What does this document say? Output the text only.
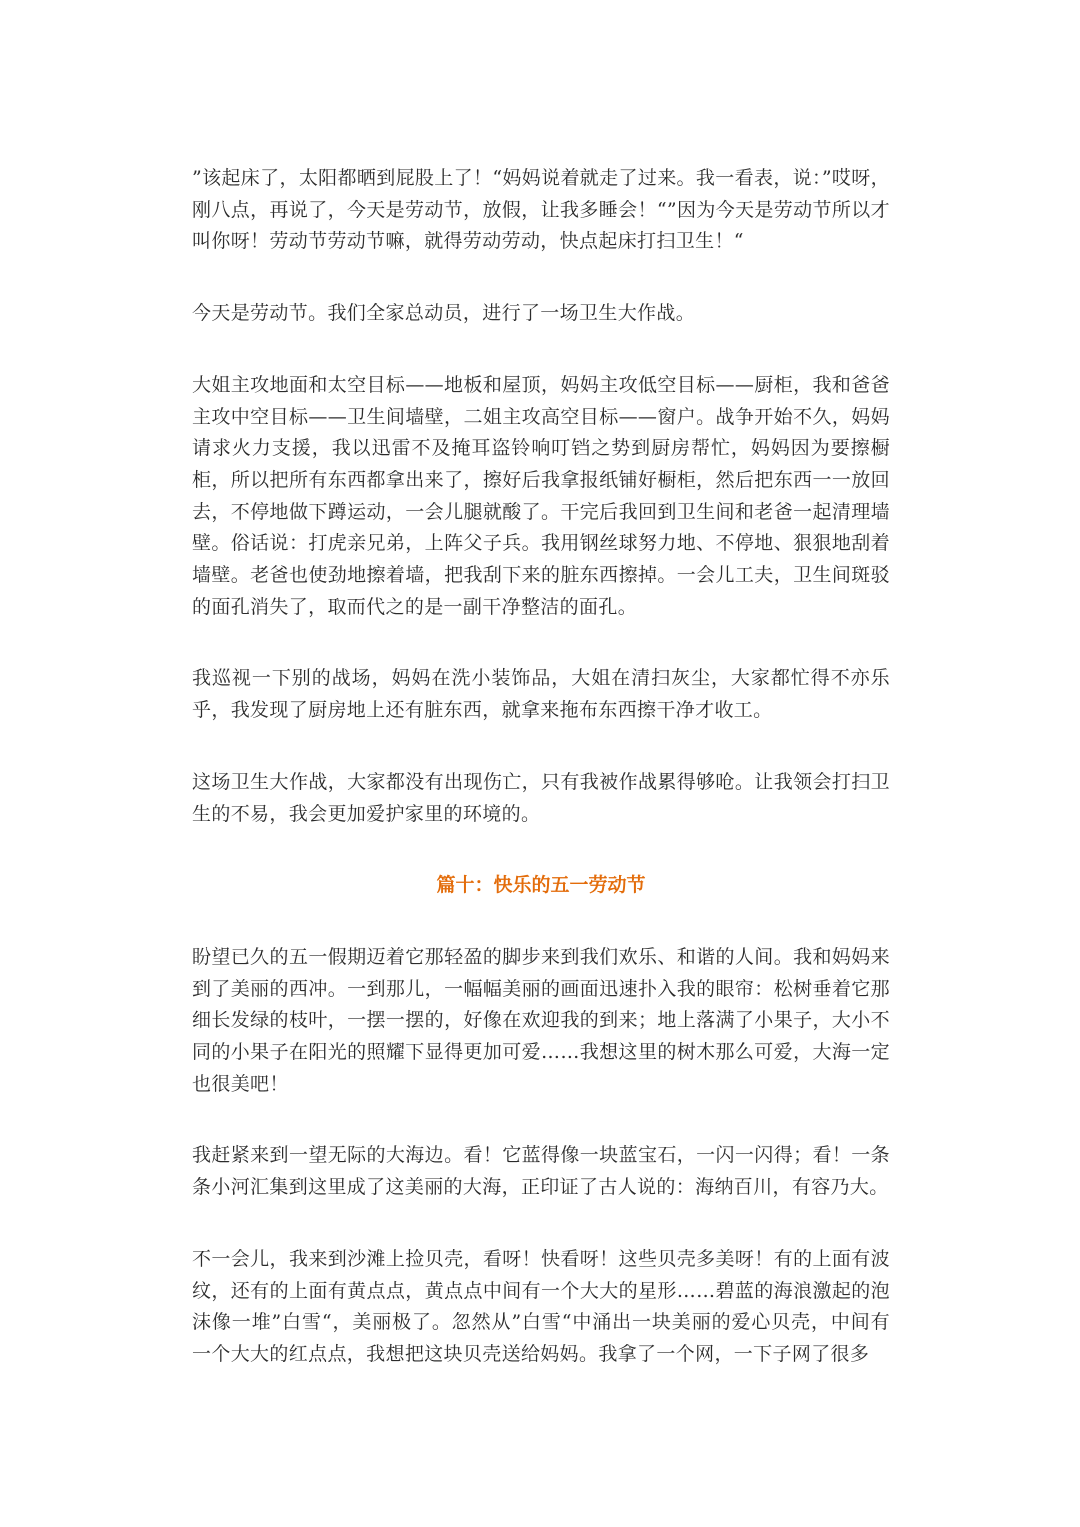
”该起床了，太阳都晒到屁股上了！“妈妈说着就走了过来。我一看表，说：”哎呀，刚八点，再说了，今天是劳动节，放假，让我多睡会！“”因为今天是劳动节所以才叫你呀！劳动节劳动节嘛，就得劳动劳动，快点起床打扫卫生！“

今天是劳动节。我们全家总动员，进行了一场卫生大作战。

大姐主攻地面和太空目标——地板和屋顶，妈妈主攻低空目标——厨柜，我和爸爸主攻中空目标——卫生间墙壁，二姐主攻高空目标——窗户。战争开始不久，妈妈请求火力支援，我以迅雷不及掩耳盗铃响叮铛之势到厨房帮忙，妈妈因为要擦橱柜，所以把所有东西都拿出来了，擦好后我拿报纸铺好橱柜，然后把东西一一放回去，不停地做下蹲运动，一会儿腿就酸了。干完后我回到卫生间和老爸一起清理墙壁。俗话说：打虎亲兄弟，上阵父子兵。我用钢丝球努力地、不停地、狠狠地刮着墙壁。老爸也使劲地擦着墙，把我刮下来的脏东西擦掉。一会儿工夫，卫生间斑驳的面孔消失了，取而代之的是一副干净整洁的面孔。

我巡视一下别的战场，妈妈在洗小装饰品，大姐在清扫灰尘，大家都忙得不亦乐乎，我发现了厨房地上还有脏东西，就拿来拖布东西擦干净才收工。

这场卫生大作战，大家都没有出现伤亡，只有我被作战累得够呛。让我领会打扫卫生的不易，我会更加爱护家里的环境的。

篇十：快乐的五一劳动节

盼望已久的五一假期迈着它那轻盈的脚步来到我们欢乐、和谐的人间。我和妈妈来到了美丽的西冲。一到那儿，一幅幅美丽的画面迅速扑入我的眼帘：松树垂着它那细长发绿的枝叶，一摆一摆的，好像在欢迎我的到来；地上落满了小果子，大小不同的小果子在阳光的照耀下显得更加可爱……我想这里的树木那么可爱，大海一定也很美吧！

我赶紧来到一望无际的大海边。看！它蓝得像一块蓝宝石，一闪一闪得；看！一条条小河汇集到这里成了这美丽的大海，正印证了古人说的：海纳百川，有容乃大。

不一会儿，我来到沙滩上捡贝壳，看呀！快看呀！这些贝壳多美呀！有的上面有波纹，还有的上面有黄点点，黄点点中间有一个大大的星形……碧蓝的海浪激起的泡沫像一堆”白雪“，美丽极了。忽然从”白雪“中涌出一块美丽的爱心贝壳，中间有一个大大的红点点，我想把这块贝壳送给妈妈。我拿了一个网，一下子网了很多
